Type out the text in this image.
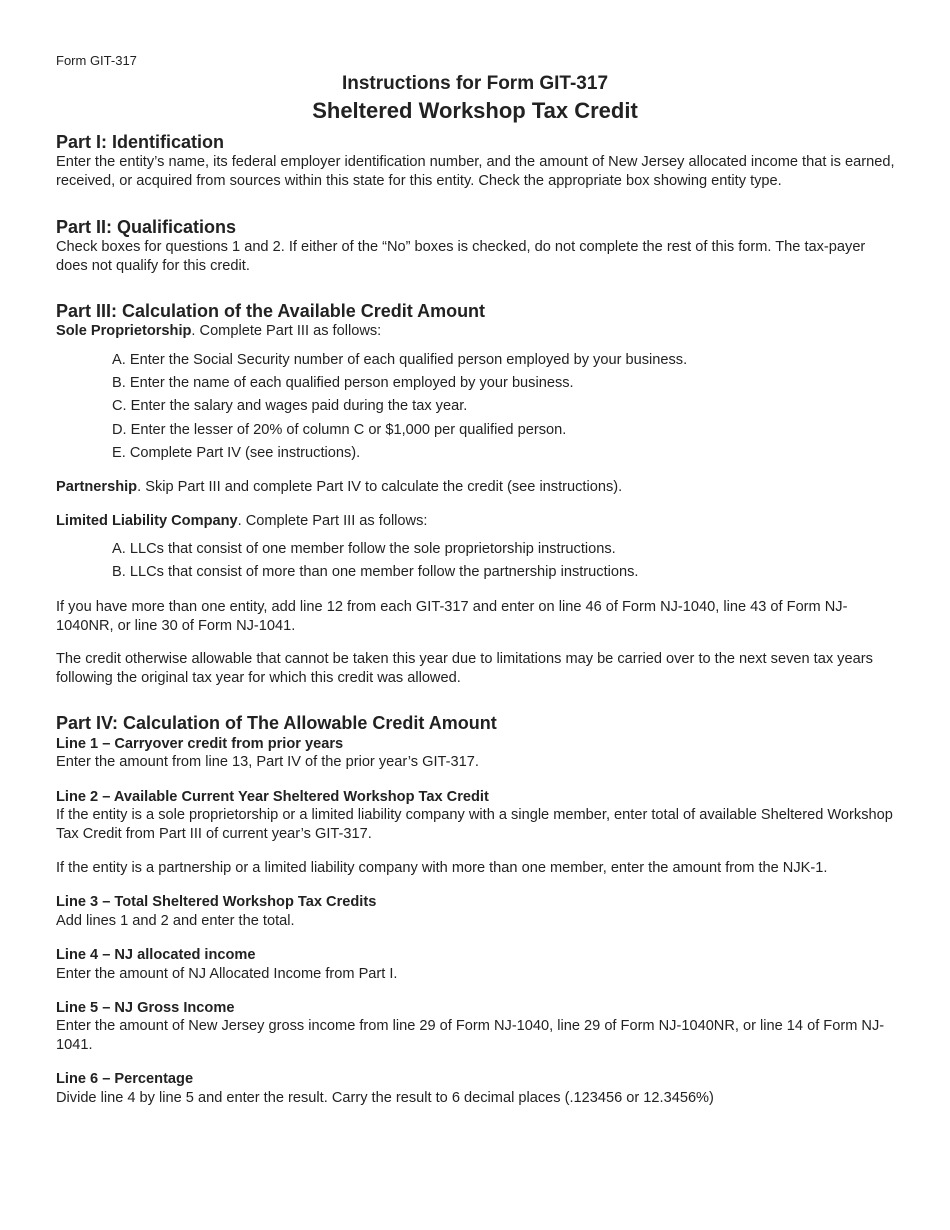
Form GIT-317
Instructions for Form GIT-317
Sheltered Workshop Tax Credit
Part I: Identification

Enter the entity’s name, its federal employer identification number, and the amount of New Jersey allocated income that is earned, received, or acquired from sources within this state for this entity. Check the appropriate box showing entity type.

Part II: Qualifications

Check boxes for questions 1 and 2. If either of the “No” boxes is checked, do not complete the rest of this form. The tax-payer does not qualify for this credit.

Part III: Calculation of the Available Credit Amount

Sole Proprietorship. Complete Part III as follows:

A. Enter the Social Security number of each qualified person employed by your business.

B. Enter the name of each qualified person employed by your business.

C. Enter the salary and wages paid during the tax year.

D. Enter the lesser of 20% of column C or $1,000 per qualified person.

E. Complete Part IV (see instructions).

Partnership. Skip Part III and complete Part IV to calculate the credit (see instructions).

Limited Liability Company. Complete Part III as follows:

A. LLCs that consist of one member follow the sole proprietorship instructions.

B. LLCs that consist of more than one member follow the partnership instructions.

If you have more than one entity, add line 12 from each GIT-317 and enter on line 46 of Form NJ-1040, line 43 of Form NJ-1040NR, or line 30 of Form NJ-1041.

The credit otherwise allowable that cannot be taken this year due to limitations may be carried over to the next seven tax years following the original tax year for which this credit was allowed.

Part IV: Calculation of The Allowable Credit Amount

Line 1 – Carryover credit from prior years

Enter the amount from line 13, Part IV of the prior year’s GIT-317.

Line 2 – Available Current Year Sheltered Workshop Tax Credit

If the entity is a sole proprietorship or a limited liability company with a single member, enter total of available Sheltered Workshop Tax Credit from Part III of current year’s GIT-317.

If the entity is a partnership or a limited liability company with more than one member, enter the amount from the NJK-1.

Line 3 – Total Sheltered Workshop Tax Credits

Add lines 1 and 2 and enter the total.

Line 4 – NJ allocated income

Enter the amount of NJ Allocated Income from Part I.

Line 5 – NJ Gross Income

Enter the amount of New Jersey gross income from line 29 of Form NJ-1040, line 29 of Form NJ-1040NR, or line 14 of Form NJ-1041.

Line 6 – Percentage

Divide line 4 by line 5 and enter the result. Carry the result to 6 decimal places (.123456 or 12.3456%)
